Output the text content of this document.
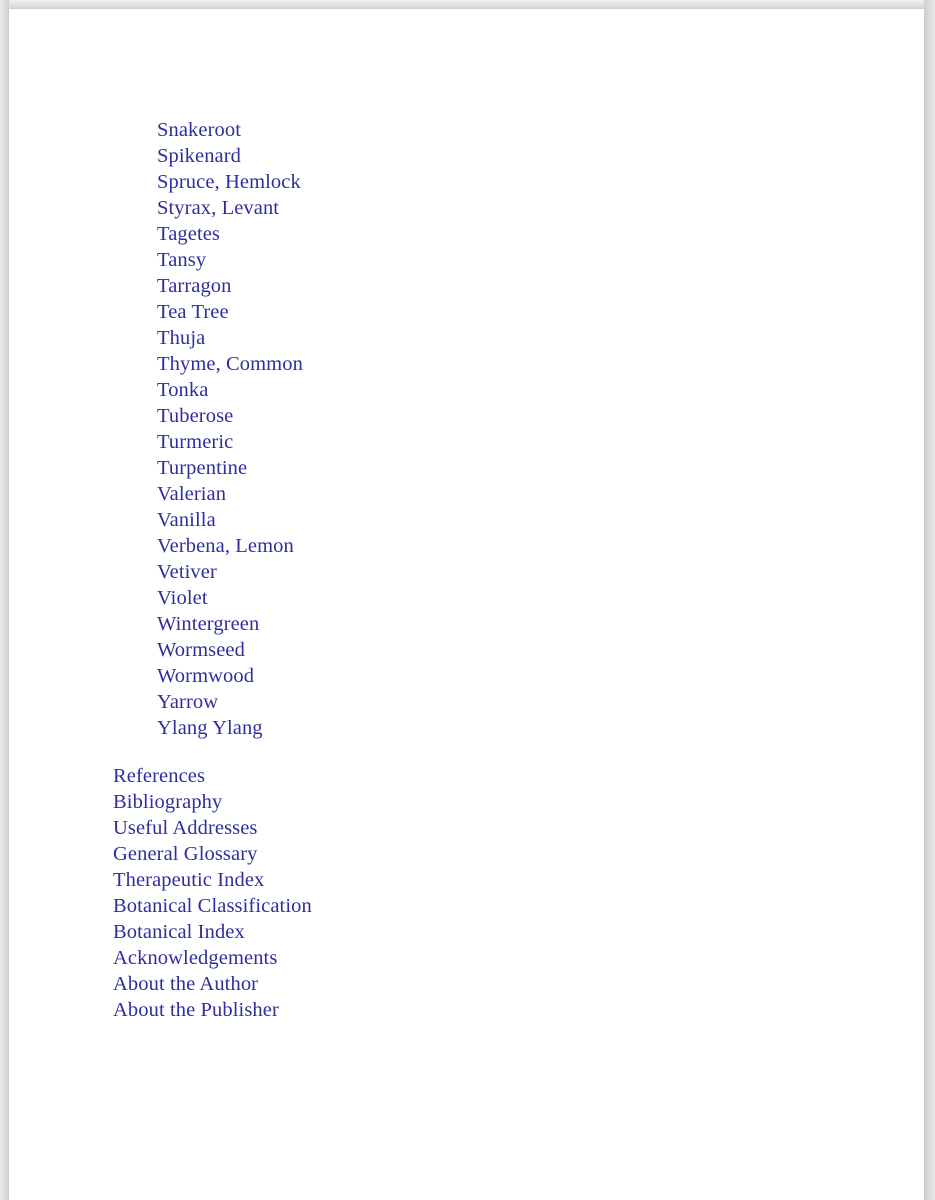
Snakeroot
Spikenard
Spruce, Hemlock
Styrax, Levant
Tagetes
Tansy
Tarragon
Tea Tree
Thuja
Thyme, Common
Tonka
Tuberose
Turmeric
Turpentine
Valerian
Vanilla
Verbena, Lemon
Vetiver
Violet
Wintergreen
Wormseed
Wormwood
Yarrow
Ylang Ylang
References
Bibliography
Useful Addresses
General Glossary
Therapeutic Index
Botanical Classification
Botanical Index
Acknowledgements
About the Author
About the Publisher
